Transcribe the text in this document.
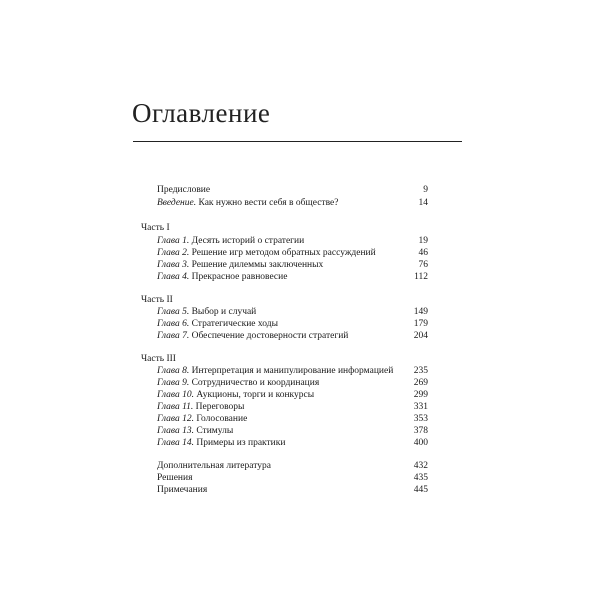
Оглавление
Предисловие	9
Введение. Как нужно вести себя в обществе?	14
Часть I
Глава 1. Десять историй о стратегии	19
Глава 2. Решение игр методом обратных рассуждений	46
Глава 3. Решение дилеммы заключенных	76
Глава 4. Прекрасное равновесие	112
Часть II
Глава 5. Выбор и случай	149
Глава 6. Стратегические ходы	179
Глава 7. Обеспечение достоверности стратегий	204
Часть III
Глава 8. Интерпретация и манипулирование информацией 235
Глава 9. Сотрудничество и координация	269
Глава 10. Аукционы, торги и конкурсы	299
Глава 11. Переговоры	331
Глава 12. Голосование	353
Глава 13. Стимулы	378
Глава 14. Примеры из практики	400
Дополнительная литература	432
Решения	435
Примечания	445
